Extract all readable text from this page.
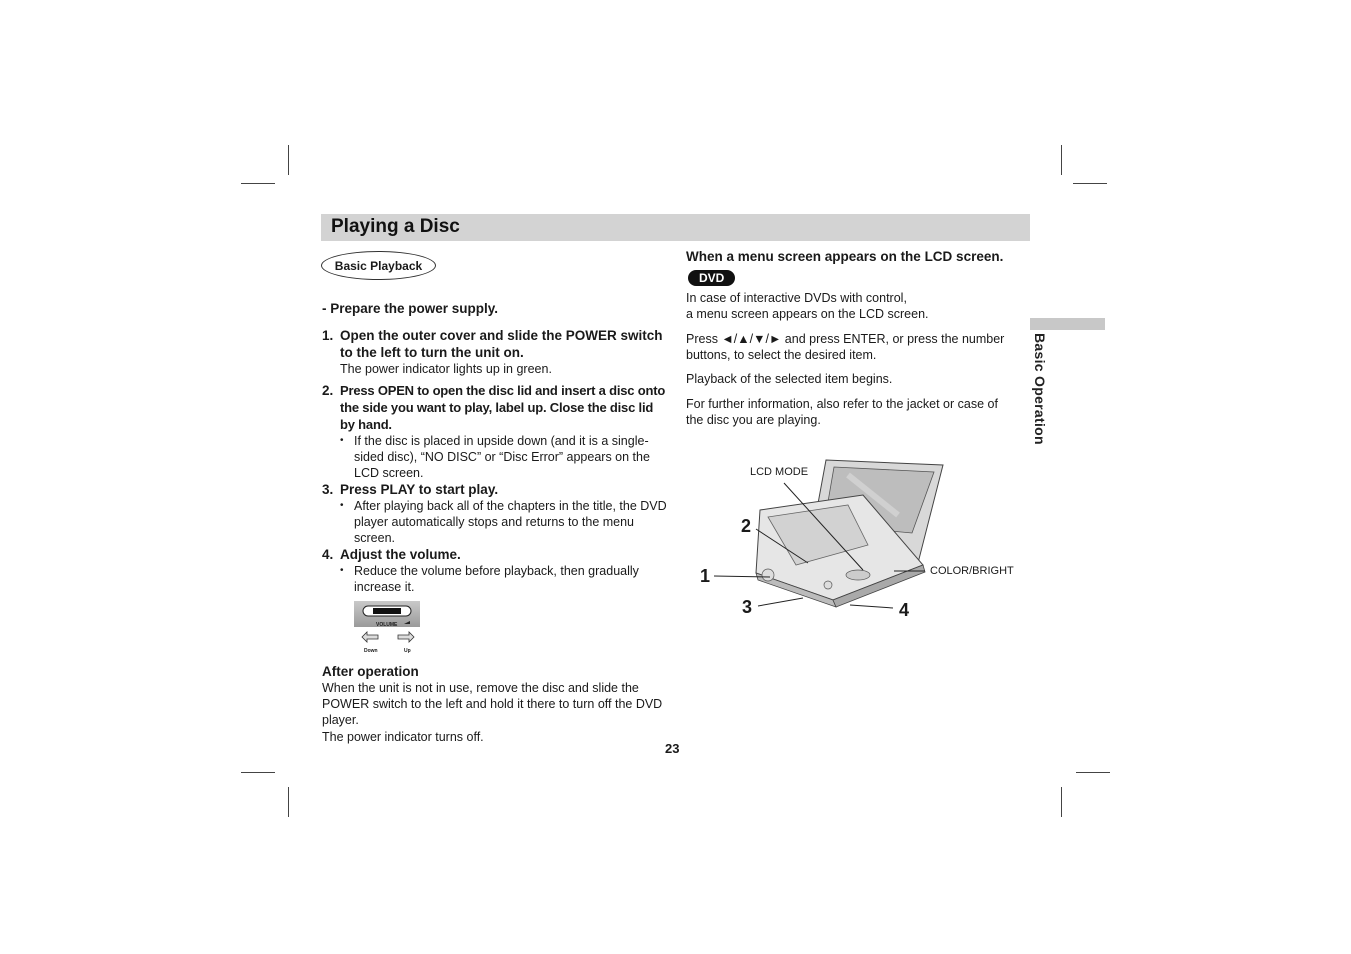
Playing a Disc
Basic Operation
Basic Playback

- Prepare the power supply.

1. Open the outer cover and slide the POWER switch to the left to turn the unit on.

The power indicator lights up in green.

2. Press OPEN to open the disc lid and insert a disc onto the side you want to play, label up. Close the disc lid by hand.
• If the disc is placed in upside down (and it is a single-sided disc), “NO DISC” or “Disc Error” appears on the LCD screen.
3. Press PLAY to start play.
• After playing back all of the chapters in the title, the DVD player automatically stops and returns to the menu screen.
4. Adjust the volume.
• Reduce the volume before playback, then gradually increase it.
VOLUME
Down	Up

After operation

When the unit is not in use, remove the disc and slide the POWER switch to the left and hold it there to turn off the DVD player.

The power indicator turns off.

When a menu screen appears on the LCD screen.

DVD

In case of interactive DVDs with control,

a menu screen appears on the LCD screen.

Press ◄/▲/▼/► and press ENTER, or press the number buttons, to select the desired item.

Playback of the selected item begins.

For further information, also refer to the jacket or case of the disc you are playing.

LCD MODE
COLOR/BRIGHT
2
1
3	4
23
